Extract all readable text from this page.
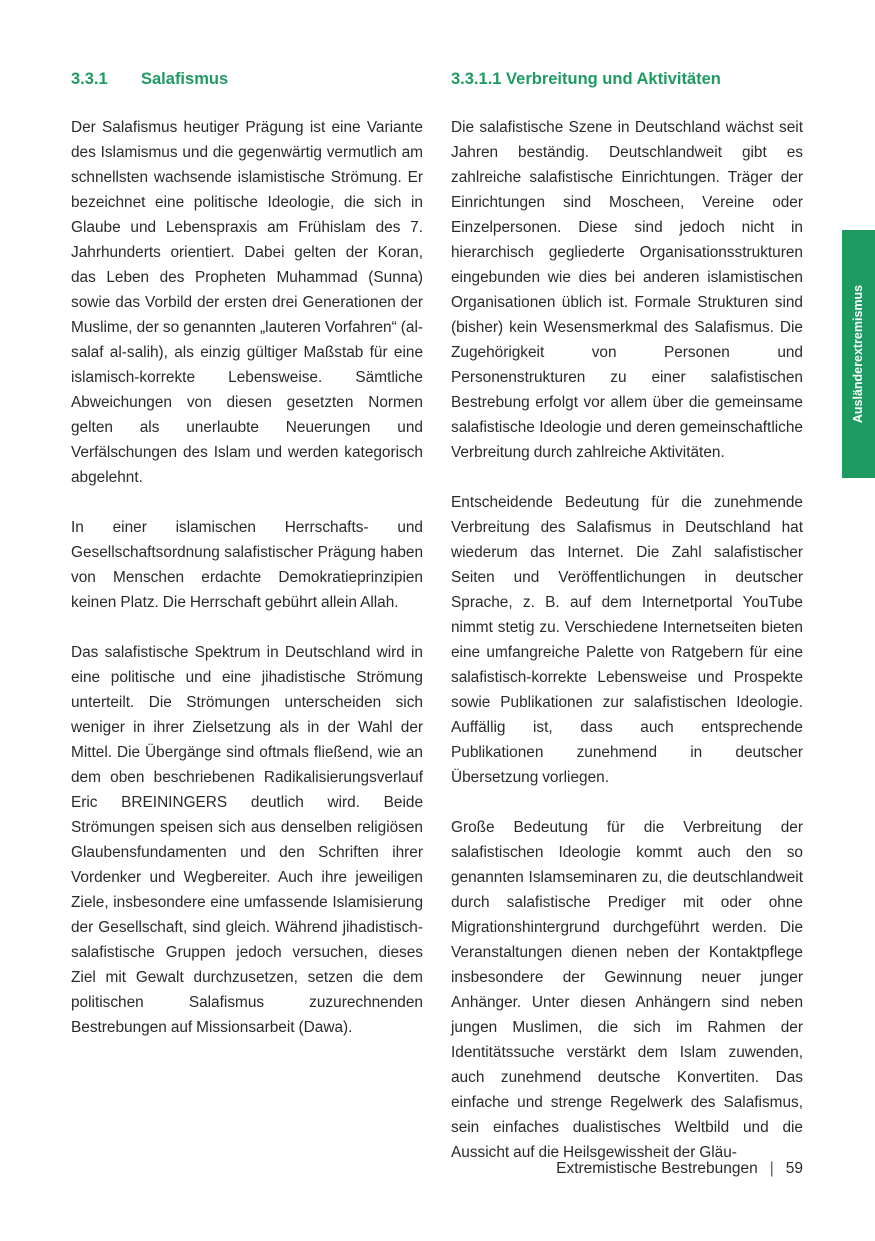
3.3.1 Salafismus

Der Salafismus heutiger Prägung ist eine Variante des Islamismus und die gegenwärtig vermutlich am schnellsten wachsende islamistische Strömung. Er bezeichnet eine politische Ideologie, die sich in Glaube und Lebenspraxis am Frühislam des 7. Jahrhunderts orientiert. Dabei gelten der Koran, das Leben des Propheten Muhammad (Sunna) sowie das Vorbild der ersten drei Generationen der Muslime, der so genannten „lauteren Vorfahren“ (al-salaf al-salih), als einzig gültiger Maßstab für eine islamisch-korrekte Lebensweise. Sämtliche Abweichungen von diesen gesetzten Normen gelten als unerlaubte Neuerungen und Verfälschungen des Islam und werden kategorisch abgelehnt.

In einer islamischen Herrschafts- und Gesellschaftsordnung salafistischer Prägung haben von Menschen erdachte Demokratieprinzipien keinen Platz. Die Herrschaft gebührt allein Allah.

Das salafistische Spektrum in Deutschland wird in eine politische und eine jihadistische Strömung unterteilt. Die Strömungen unterscheiden sich weniger in ihrer Zielsetzung als in der Wahl der Mittel. Die Übergänge sind oftmals fließend, wie an dem oben beschriebenen Radikalisierungsverlauf Eric BREININGERS deutlich wird. Beide Strömungen speisen sich aus denselben religiösen Glaubensfundamenten und den Schriften ihrer Vordenker und Wegbereiter. Auch ihre jeweiligen Ziele, insbesondere eine umfassende Islamisierung der Gesellschaft, sind gleich. Während jihadistisch-salafistische Gruppen jedoch versuchen, dieses Ziel mit Gewalt durchzusetzen, setzen die dem politischen Salafismus zuzurechnenden Bestrebungen auf Missionsarbeit (Dawa).

3.3.1.1 Verbreitung und Aktivitäten

Die salafistische Szene in Deutschland wächst seit Jahren beständig. Deutschlandweit gibt es zahlreiche salafistische Einrichtungen. Träger der Einrichtungen sind Moscheen, Vereine oder Einzelpersonen. Diese sind jedoch nicht in hierarchisch gegliederte Organisationsstrukturen eingebunden wie dies bei anderen islamistischen Organisationen üblich ist. Formale Strukturen sind (bisher) kein Wesensmerkmal des Salafismus. Die Zugehörigkeit von Personen und Personenstrukturen zu einer salafistischen Bestrebung erfolgt vor allem über die gemeinsame salafistische Ideologie und deren gemeinschaftliche Verbreitung durch zahlreiche Aktivitäten.

Entscheidende Bedeutung für die zunehmende Verbreitung des Salafismus in Deutschland hat wiederum das Internet. Die Zahl salafistischer Seiten und Veröffentlichungen in deutscher Sprache, z. B. auf dem Internetportal YouTube nimmt stetig zu. Verschiedene Internetseiten bieten eine umfangreiche Palette von Ratgebern für eine salafistisch-korrekte Lebensweise und Prospekte sowie Publikationen zur salafistischen Ideologie. Auffällig ist, dass auch entsprechende Publikationen zunehmend in deutscher Übersetzung vorliegen.

Große Bedeutung für die Verbreitung der salafistischen Ideologie kommt auch den so genannten Islamseminaren zu, die deutschlandweit durch salafistische Prediger mit oder ohne Migrationshintergrund durchgeführt werden. Die Veranstaltungen dienen neben der Kontaktpflege insbesondere der Gewinnung neuer junger Anhänger. Unter diesen Anhängern sind neben jungen Muslimen, die sich im Rahmen der Identitätssuche verstärkt dem Islam zuwenden, auch zunehmend deutsche Konvertiten. Das einfache und strenge Regelwerk des Salafismus, sein einfaches dualistisches Weltbild und die Aussicht auf die Heilsgewissheit der Gläu-

Ausländerextremismus
Extremistische Bestrebungen | 59
